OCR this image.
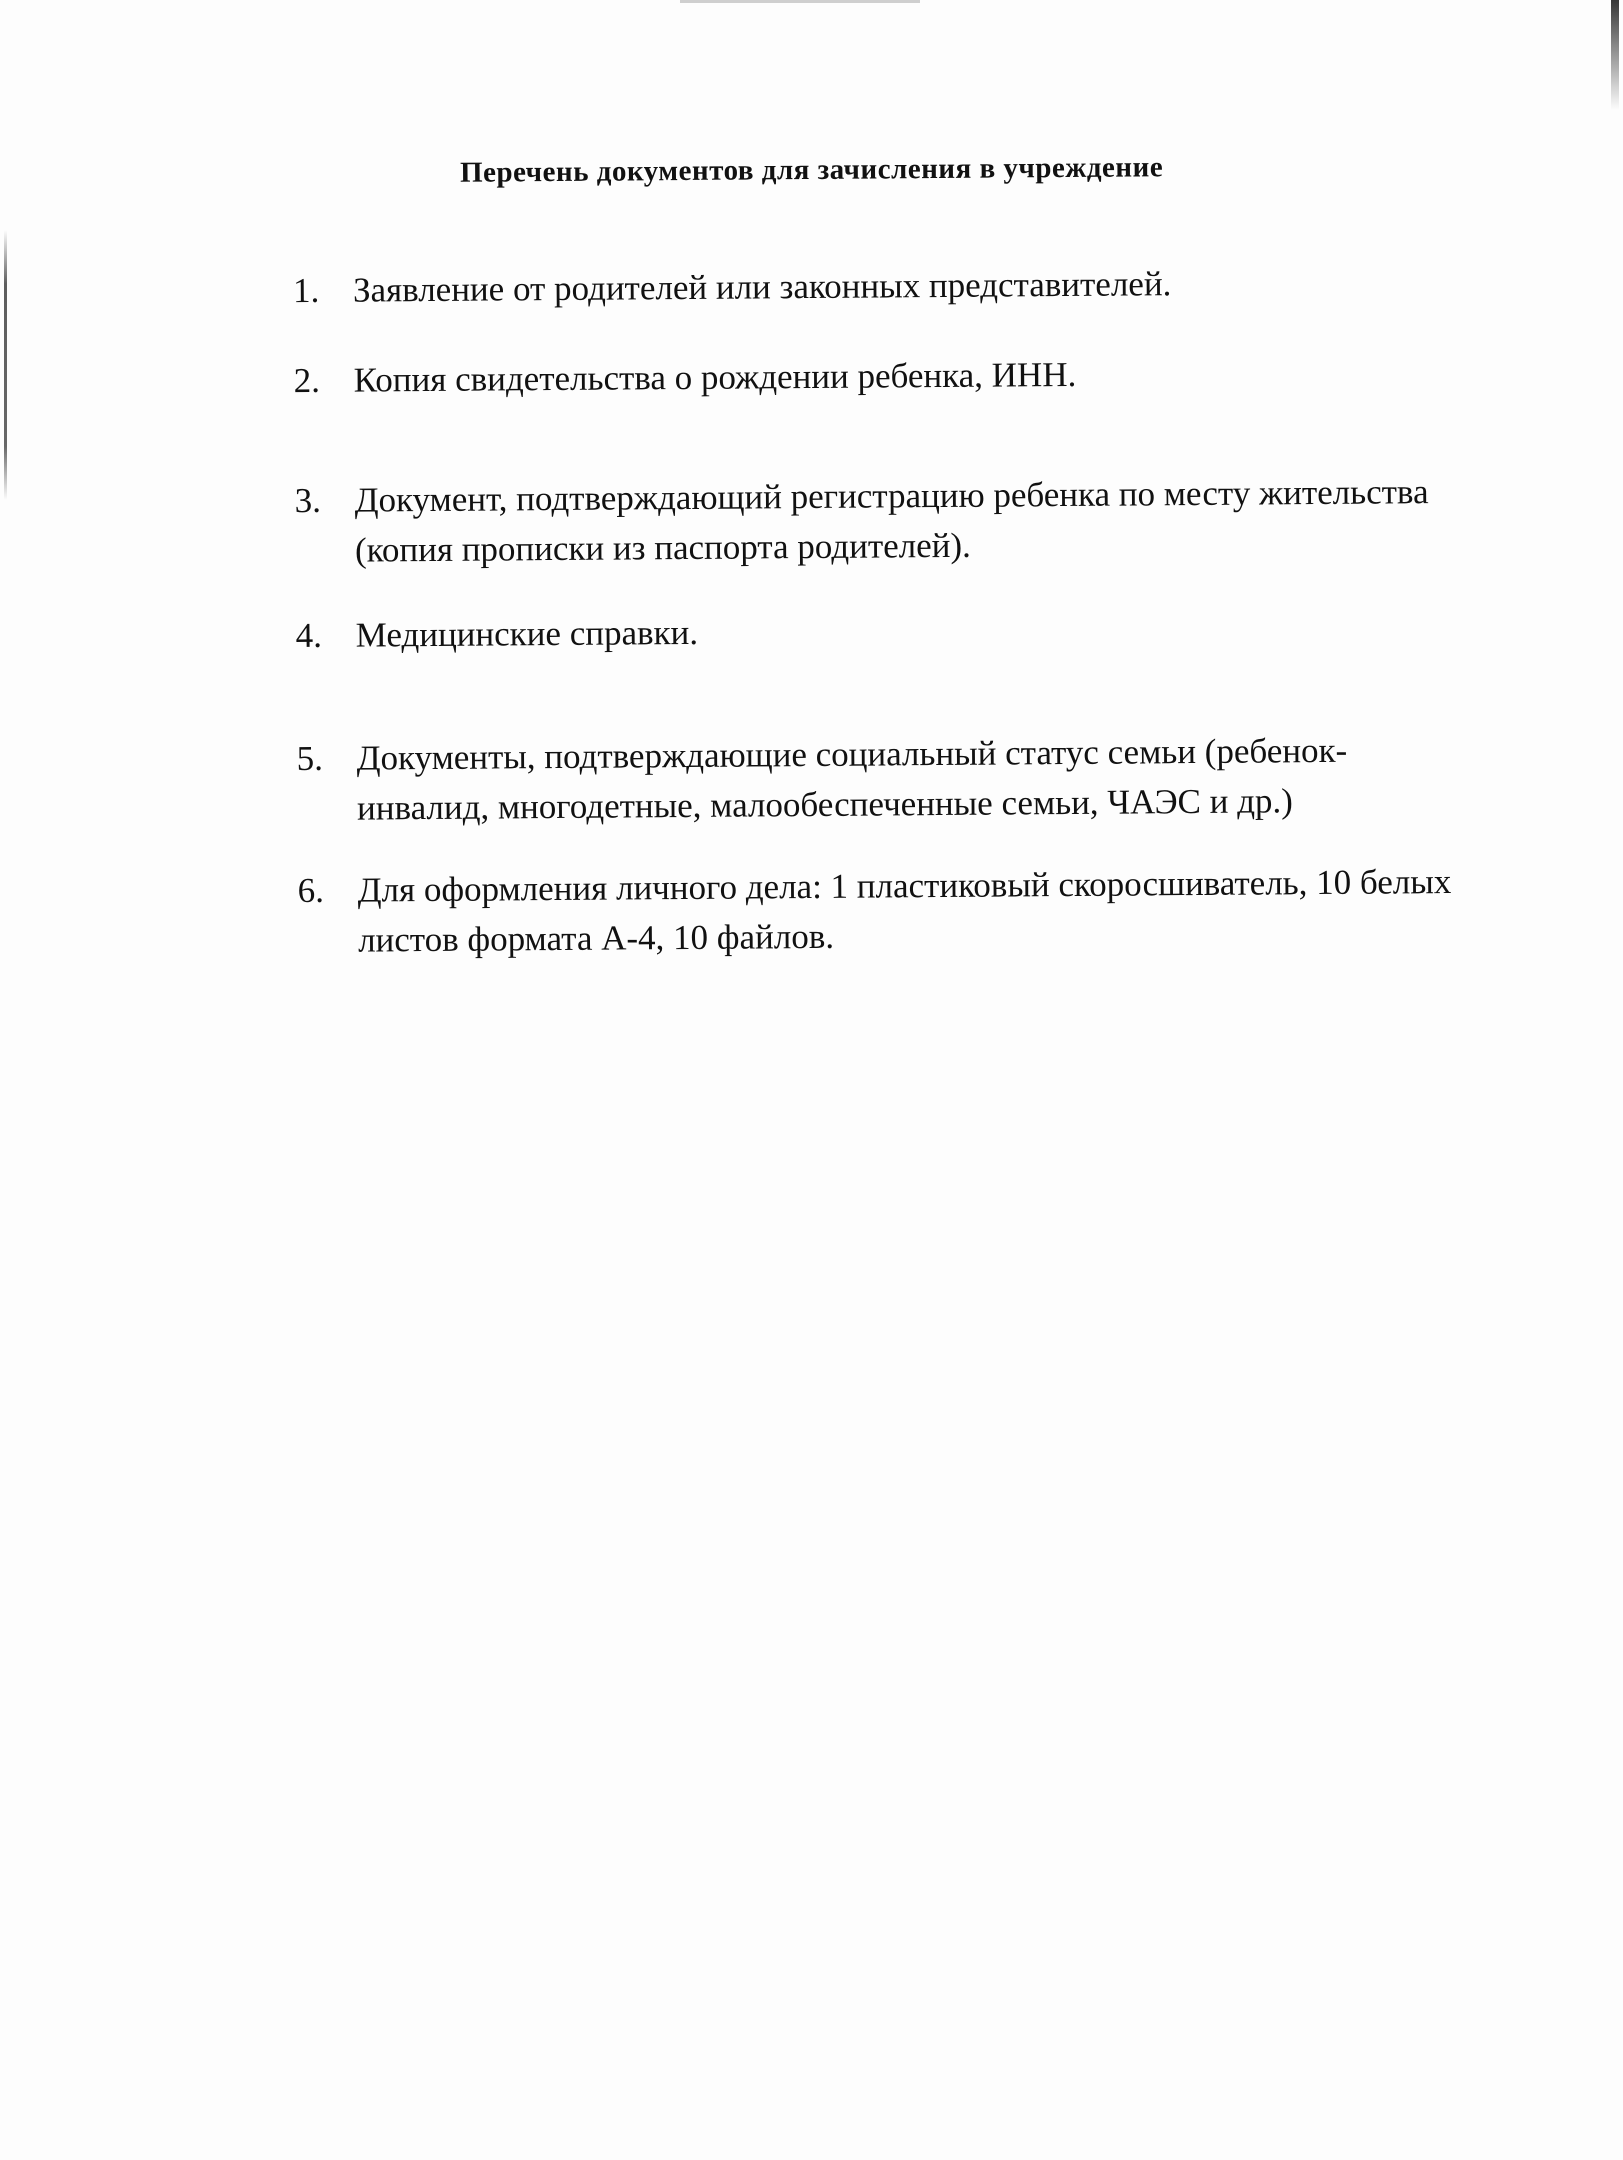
Перечень документов для зачисления в учреждение
1. Заявление от родителей или законных представителей.
2. Копия свидетельства о рождении ребенка, ИНН.
3. Документ, подтверждающий регистрацию ребенка по месту жительства
(копия прописки из паспорта родителей).
4. Медицинские справки.
5. Документы, подтверждающие социальный статус семьи (ребенок-
инвалид, многодетные, малообеспеченные семьи, ЧАЭС и др.)
6. Для оформления личного дела: 1 пластиковый скоросшиватель, 10 белых
листов формата А-4, 10 файлов.
